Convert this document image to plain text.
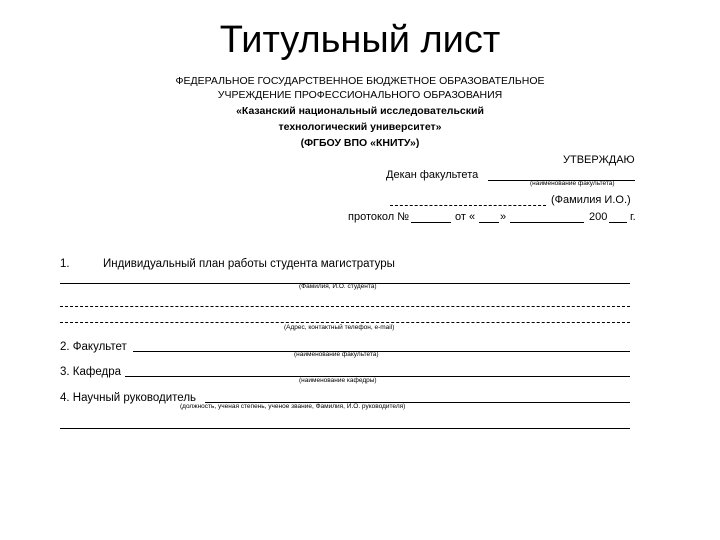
Титульный лист
ФЕДЕРАЛЬНОЕ ГОСУДАРСТВЕННОЕ БЮДЖЕТНОЕ ОБРАЗОВАТЕЛЬНОЕ
УЧРЕЖДЕНИЕ ПРОФЕССИОНАЛЬНОГО ОБРАЗОВАНИЯ
«Казанский национальный исследовательский
технологический университет»
(ФГБОУ ВПО «КНИТУ»)
УТВЕРЖДАЮ
Декан факультета
(наименование факультета)
(Фамилия И.О.)
протокол №	от « »	200 г.
1.	Индивидуальный план работы студента магистратуры
(Фамилия, И.О. студента)
(Адрес, контактный телефон, e-mail)
2. Факультет
(наименование факультета)
3. Кафедра
(наименование кафедры)
4. Научный руководитель
(должность, ученая степень, ученое звание, Фамилия, И.О. руководителя)
